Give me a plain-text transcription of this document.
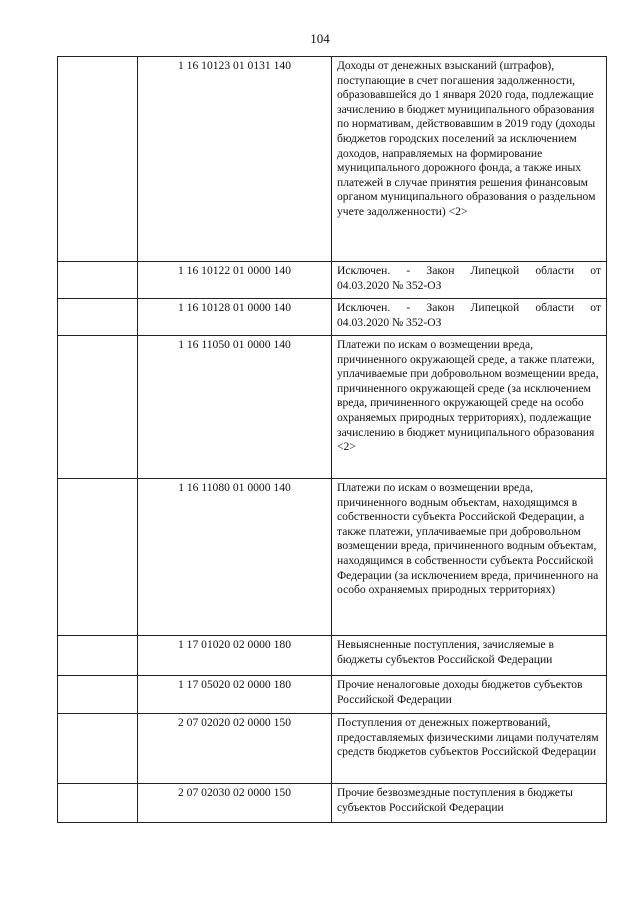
104
	1 16 10123 01 0131 140	Доходы от денежных взысканий (штрафов), поступающие в счет погашения задолженности, образовавшейся до 1 января 2020 года, подлежащие зачислению в бюджет муниципального образования по нормативам, действовавшим в 2019 году (доходы бюджетов городских поселений за исключением доходов, направляемых на формирование муниципального дорожного фонда, а также иных платежей в случае принятия решения финансовым органом муниципального образования о раздельном учете задолженности) <2>
	1 16 10122 01 0000 140	Исключен. - Закон Липецкой области от
04.03.2020 № 352-ОЗ

	1 16 10128 01 0000 140	Исключен. - Закон Липецкой области от
04.03.2020 № 352-ОЗ

	1 16 11050 01 0000 140	Платежи по искам о возмещении вреда, причиненного окружающей среде, а также платежи, уплачиваемые при добровольном возмещении вреда, причиненного окружающей среде (за исключением вреда, причиненного окружающей среде на особо охраняемых природных территориях), подлежащие зачислению в бюджет муниципального образования <2>
	1 16 11080 01 0000 140	Платежи по искам о возмещении вреда, причиненного водным объектам, находящимся в собственности субъекта Российской Федерации, а также платежи, уплачиваемые при добровольном возмещении вреда, причиненного водным объектам, находящимся в собственности субъекта Российской Федерации (за исключением вреда, причиненного на особо охраняемых природных территориях)
	1 17 01020 02 0000 180	Невыясненные поступления, зачисляемые в бюджеты субъектов Российской Федерации
	1 17 05020 02 0000 180	Прочие неналоговые доходы бюджетов субъектов Российской Федерации
	2 07 02020 02 0000 150	Поступления от денежных пожертвований, предоставляемых физическими лицами получателям средств бюджетов субъектов Российской Федерации
	2 07 02030 02 0000 150	Прочие безвозмездные поступления в бюджеты субъектов Российской Федерации
